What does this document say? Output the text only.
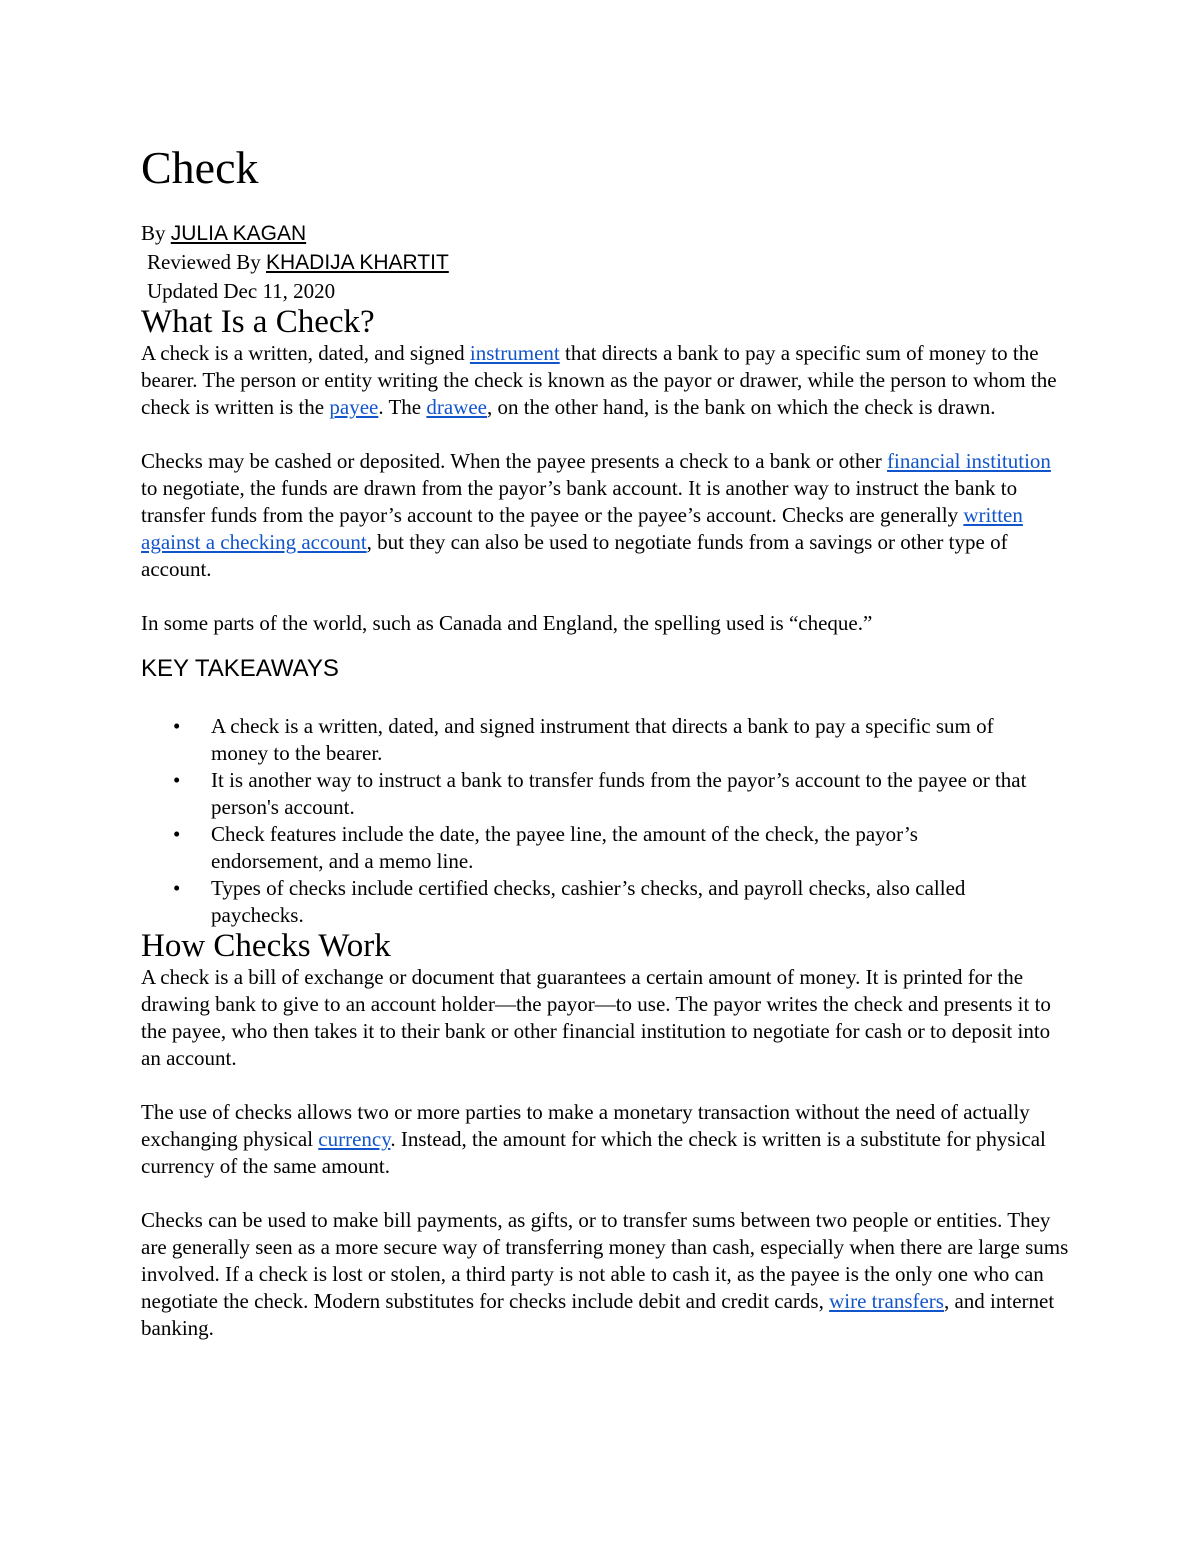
Check
By JULIA KAGAN
Reviewed By KHADIJA KHARTIT
Updated Dec 11, 2020
What Is a Check?

A check is a written, dated, and signed instrument that directs a bank to pay a specific sum of money to the bearer. The person or entity writing the check is known as the payor or drawer, while the person to whom the check is written is the payee. The drawee, on the other hand, is the bank on which the check is drawn.

Checks may be cashed or deposited. When the payee presents a check to a bank or other financial institution to negotiate, the funds are drawn from the payor’s bank account. It is another way to instruct the bank to transfer funds from the payor’s account to the payee or the payee’s account. Checks are generally written against a checking account, but they can also be used to negotiate funds from a savings or other type of account.

In some parts of the world, such as Canada and England, the spelling used is “cheque.”

KEY TAKEAWAYS
• A check is a written, dated, and signed instrument that directs a bank to pay a specific sum of money to the bearer.
• It is another way to instruct a bank to transfer funds from the payor’s account to the payee or that person's account.
• Check features include the date, the payee line, the amount of the check, the payor’s endorsement, and a memo line.
• Types of checks include certified checks, cashier’s checks, and payroll checks, also called paychecks.
How Checks Work

A check is a bill of exchange or document that guarantees a certain amount of money. It is printed for the drawing bank to give to an account holder—the payor—to use. The payor writes the check and presents it to the payee, who then takes it to their bank or other financial institution to negotiate for cash or to deposit into an account.

The use of checks allows two or more parties to make a monetary transaction without the need of actually exchanging physical currency. Instead, the amount for which the check is written is a substitute for physical currency of the same amount.

Checks can be used to make bill payments, as gifts, or to transfer sums between two people or entities. They are generally seen as a more secure way of transferring money than cash, especially when there are large sums involved. If a check is lost or stolen, a third party is not able to cash it, as the payee is the only one who can negotiate the check. Modern substitutes for checks include debit and credit cards, wire transfers, and internet banking.
